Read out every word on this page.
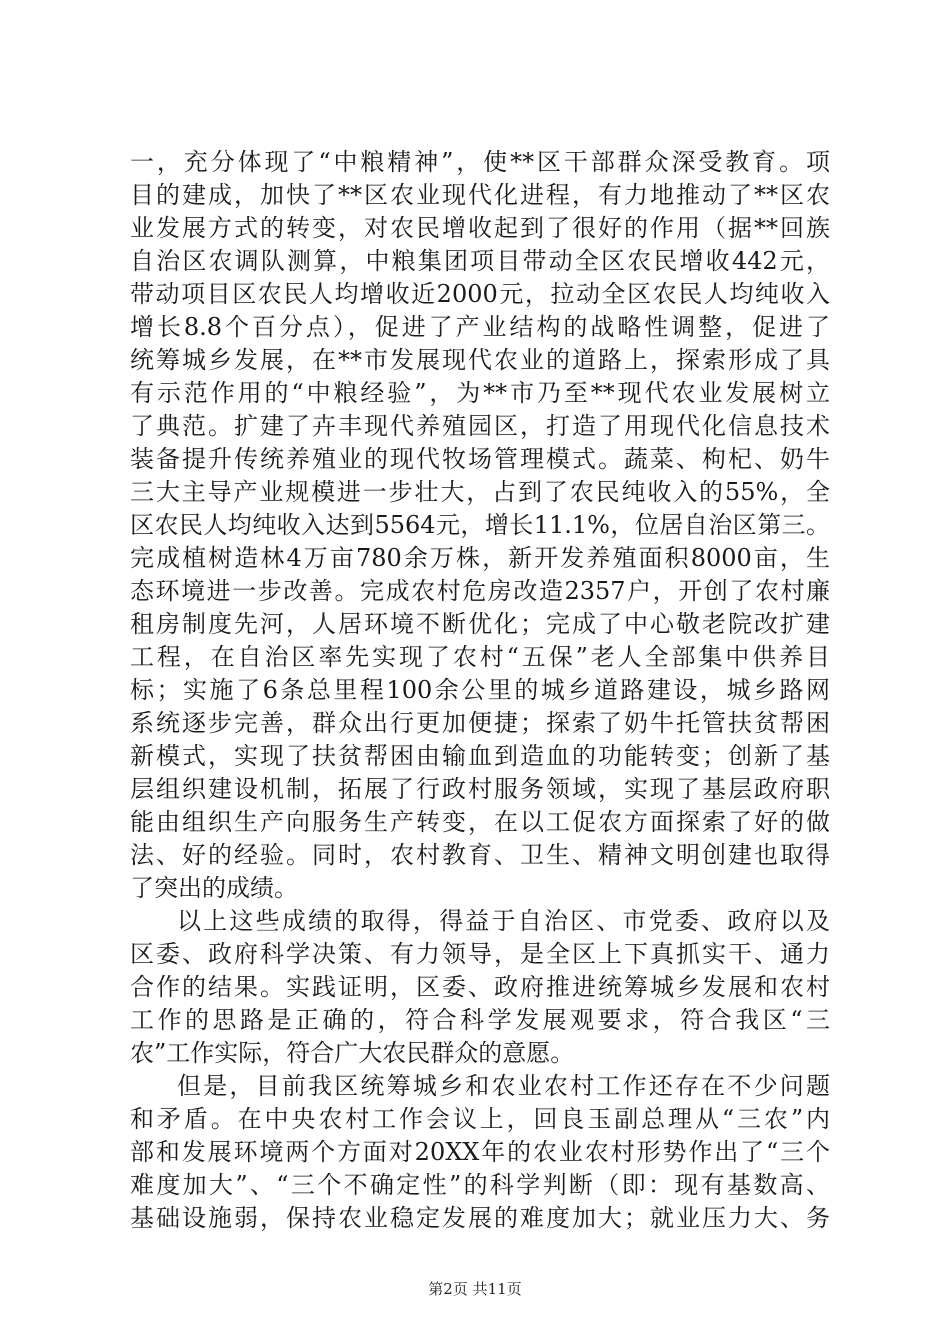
一，充分体现了“中粮精神”，使**区干部群众深受教育。项
目的建成，加快了**区农业现代化进程，有力地推动了**区农
业发展方式的转变，对农民增收起到了很好的作用（据**回族
自治区农调队测算，中粮集团项目带动全区农民增收442元，
带动项目区农民人均增收近2000元，拉动全区农民人均纯收入
增长8.8个百分点），促进了产业结构的战略性调整，促进了
统筹城乡发展，在**市发展现代农业的道路上，探索形成了具
有示范作用的“中粮经验”，为**市乃至**现代农业发展树立
了典范。扩建了卉丰现代养殖园区，打造了用现代化信息技术
装备提升传统养殖业的现代牧场管理模式。蔬菜、枸杞、奶牛
三大主导产业规模进一步壮大，占到了农民纯收入的55%，全
区农民人均纯收入达到5564元，增长11.1%，位居自治区第三。
完成植树造林4万亩780余万株，新开发养殖面积8000亩，生
态环境进一步改善。完成农村危房改造2357户，开创了农村廉
租房制度先河，人居环境不断优化；完成了中心敬老院改扩建
工程，在自治区率先实现了农村“五保”老人全部集中供养目
标；实施了6条总里程100余公里的城乡道路建设，城乡路网
系统逐步完善，群众出行更加便捷；探索了奶牛托管扶贫帮困
新模式，实现了扶贫帮困由输血到造血的功能转变；创新了基
层组织建设机制，拓展了行政村服务领域，实现了基层政府职
能由组织生产向服务生产转变，在以工促农方面探索了好的做
法、好的经验。同时，农村教育、卫生、精神文明创建也取得
了突出的成绩。
以上这些成绩的取得，得益于自治区、市党委、政府以及
区委、政府科学决策、有力领导，是全区上下真抓实干、通力
合作的结果。实践证明，区委、政府推进统筹城乡发展和农村
工作的思路是正确的，符合科学发展观要求，符合我区“三
农”工作实际，符合广大农民群众的意愿。
但是，目前我区统筹城乡和农业农村工作还存在不少问题
和矛盾。在中央农村工作会议上，回良玉副总理从“三农”内
部和发展环境两个方面对20XX年的农业农村形势作出了“三个
难度加大”、“三个不确定性”的科学判断（即：现有基数高、
基础设施弱，保持农业稳定发展的难度加大；就业压力大、务
第2页 共11页
